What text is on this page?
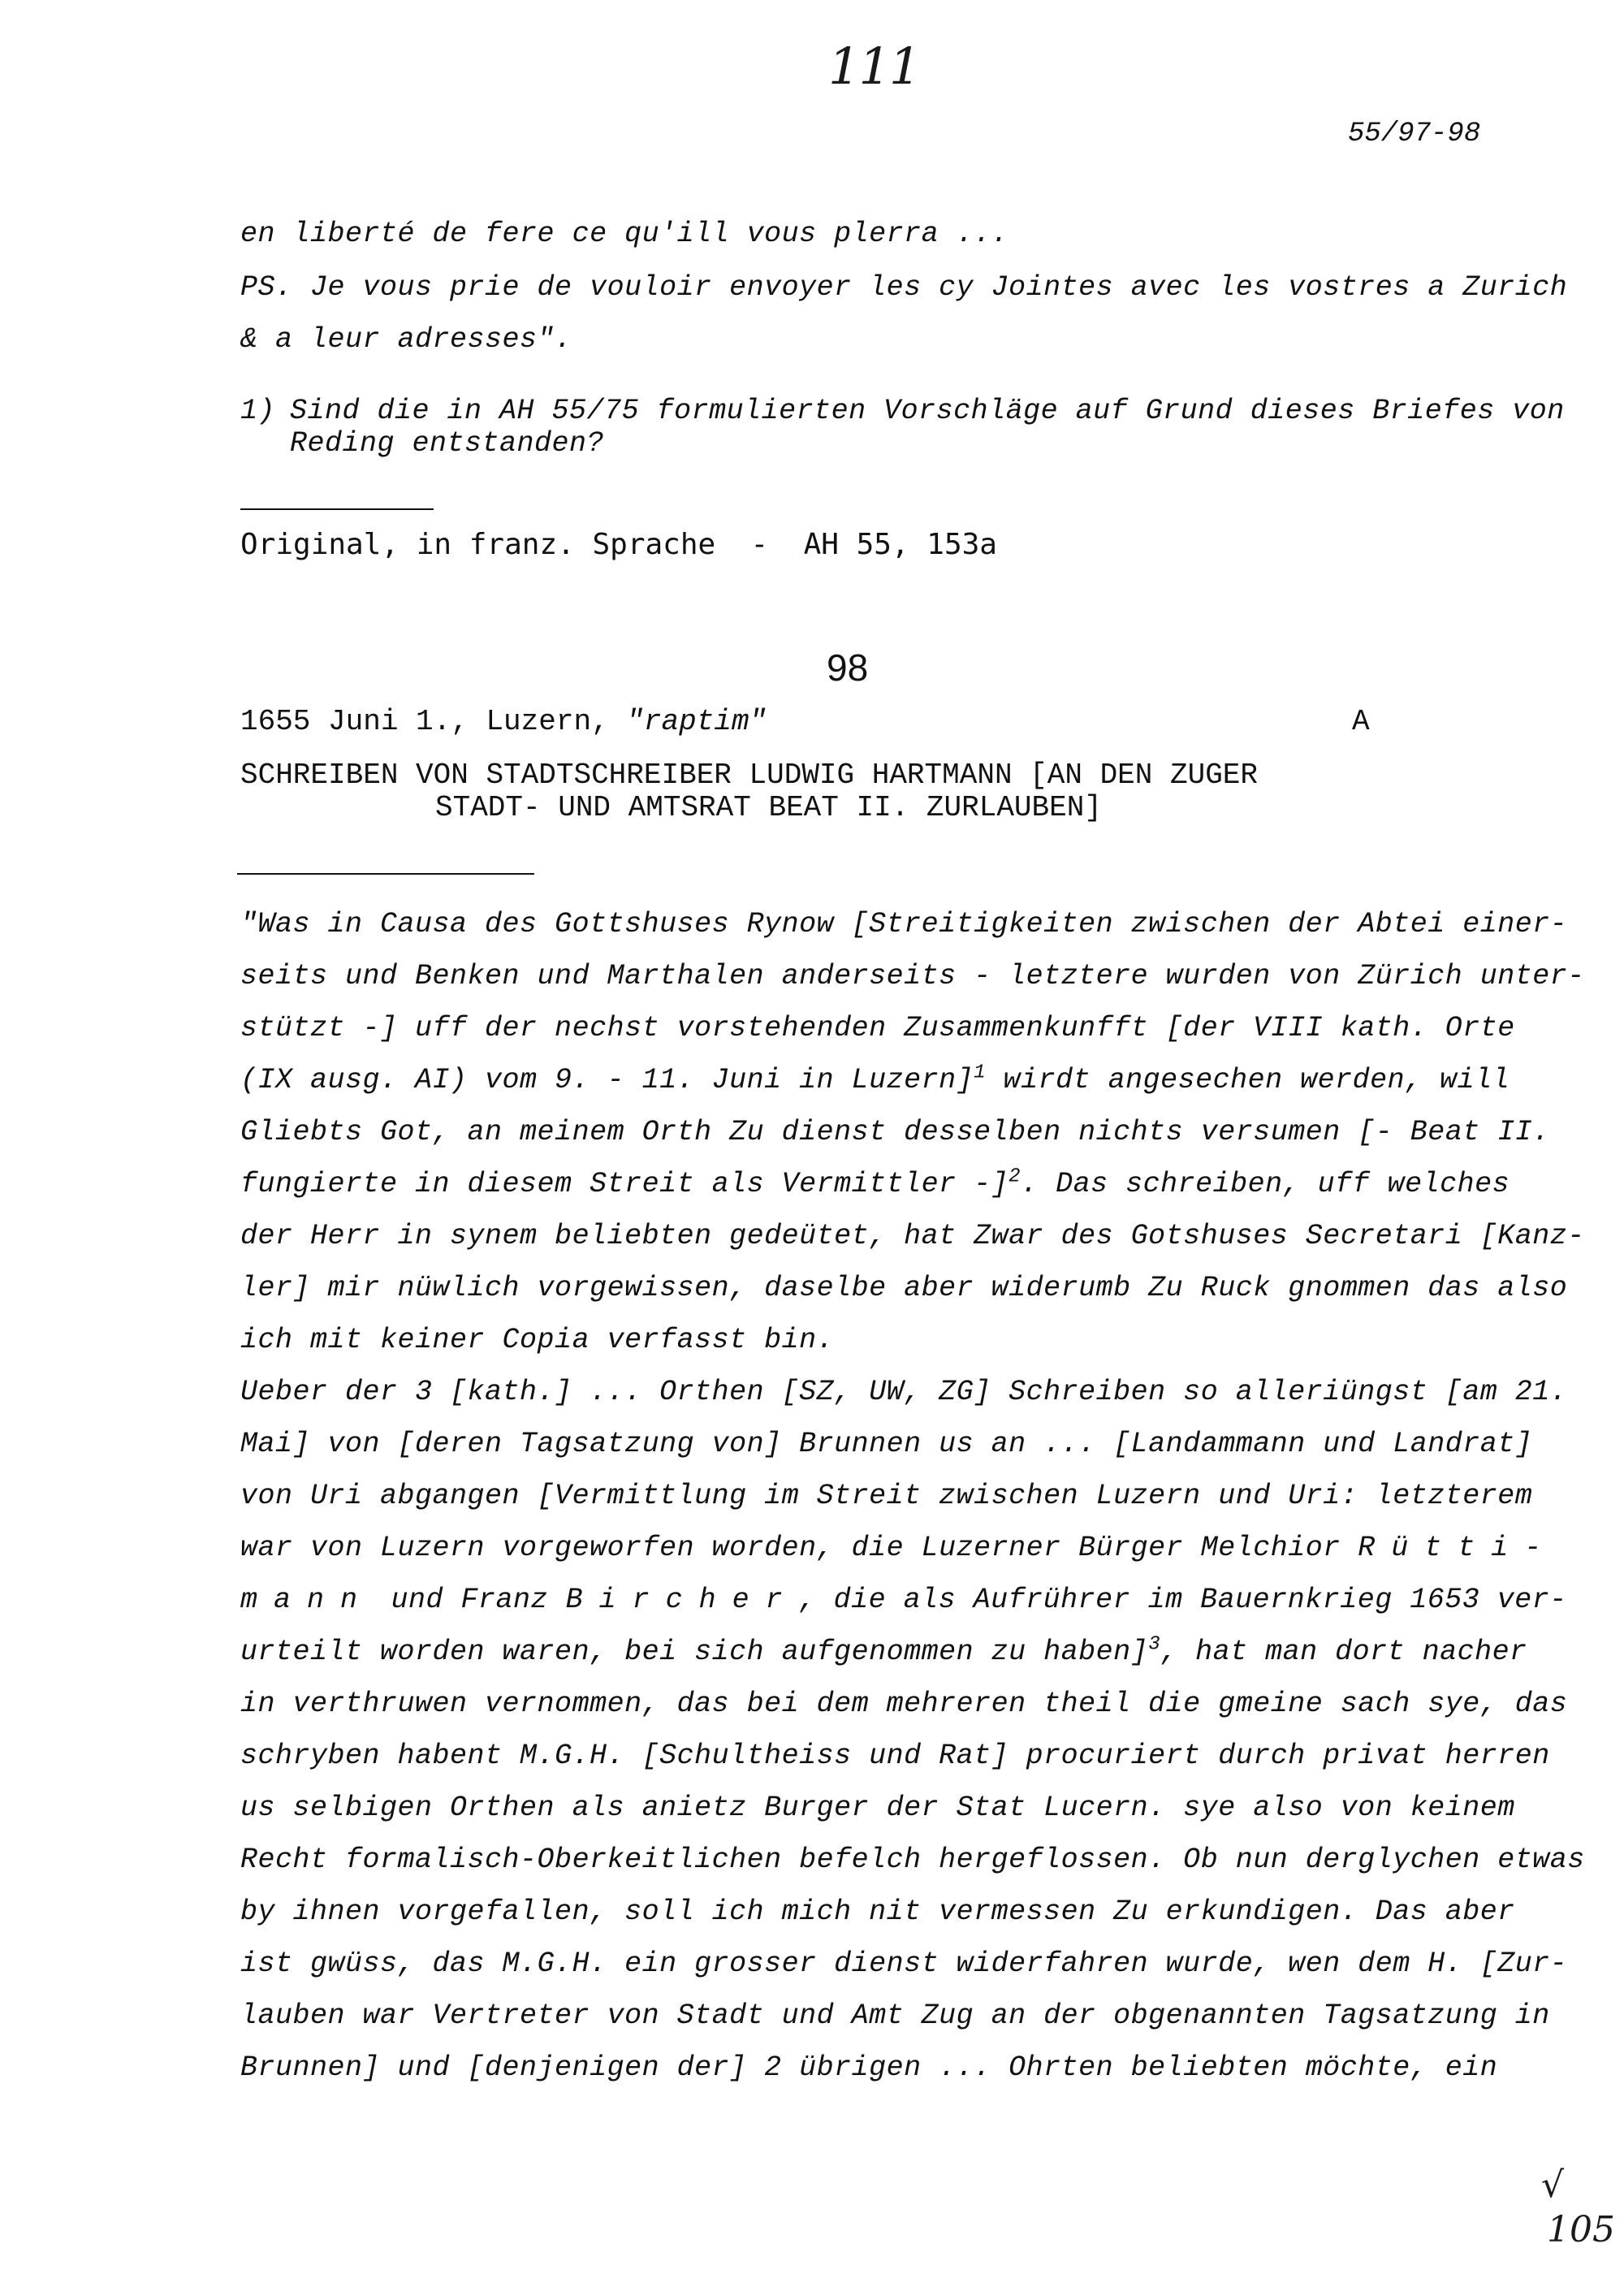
111
55/97-98
en liberté de fere ce qu'ill vous plerra ...
PS. Je vous prie de vouloir envoyer les cy Jointes avec les vostres a Zurich
& a leur adresses".
1) Sind die in AH 55/75 formulierten Vorschläge auf Grund dieses Briefes von
Reding entstanden?
Original, in franz. Sprache  -  AH 55, 153a
98
1655 Juni 1., Luzern, "raptim"	A
SCHREIBEN VON STADTSCHREIBER LUDWIG HARTMANN [AN DEN ZUGER
STADT- UND AMTSRAT BEAT II. ZURLAUBEN]
"Was in Causa des Gottshuses Rynow [Streitigkeiten zwischen der Abtei einer-
seits und Benken und Marthalen anderseits - letztere wurden von Zürich unter-
stützt -] uff der nechst vorstehenden Zusammenkunfft [der VIII kath. Orte
(IX ausg. AI) vom 9. - 11. Juni in Luzern]$^1$ wirdt angesechen werden, will
Gliebts Got, an meinem Orth Zu dienst desselben nichts versumen [- Beat II.
fungierte in diesem Streit als Vermittler -]$^2$. Das schreiben, uff welches
der Herr in synem beliebten gedeütet, hat Zwar des Gotshuses Secretari [Kanz-
ler] mir nüwlich vorgewissen, daselbe aber widerumb Zu Ruck gnommen das also
ich mit keiner Copia verfasst bin.
Ueber der 3 [kath.] ... Orthen [SZ, UW, ZG] Schreiben so alleriüngst [am 21.
Mai] von [deren Tagsatzung von] Brunnen us an ... [Landammann und Landrat]
von Uri abgangen [Vermittlung im Streit zwischen Luzern und Uri: letzterem
war von Luzern vorgeworfen worden, die Luzerner Bürger Melchior Rütti-
mann und Franz Bircher, die als Aufrührer im Bauernkrieg 1653 ver-
urteilt worden waren, bei sich aufgenommen zu haben]$^3$, hat man dort nacher
in verthruwen vernommen, das bei dem mehreren theil die gmeine sach sye, das
schryben habent M.G.H. [Schultheiss und Rat] procuriert durch privat herren
us selbigen Orthen als anietz Burger der Stat Lucern. sye also von keinem
Recht formalisch-Oberkeitlichen befelch hergeflossen. Ob nun derglychen etwas
by ihnen vorgefallen, soll ich mich nit vermessen Zu erkundigen. Das aber
ist gwüss, das M.G.H. ein grosser dienst widerfahren wurde, wen dem H. [Zur-
lauben war Vertreter von Stadt und Amt Zug an der obgenannten Tagsatzung in
Brunnen] und [denjenigen der] 2 übrigen ... Ohrten beliebten möchte, ein
√
105
